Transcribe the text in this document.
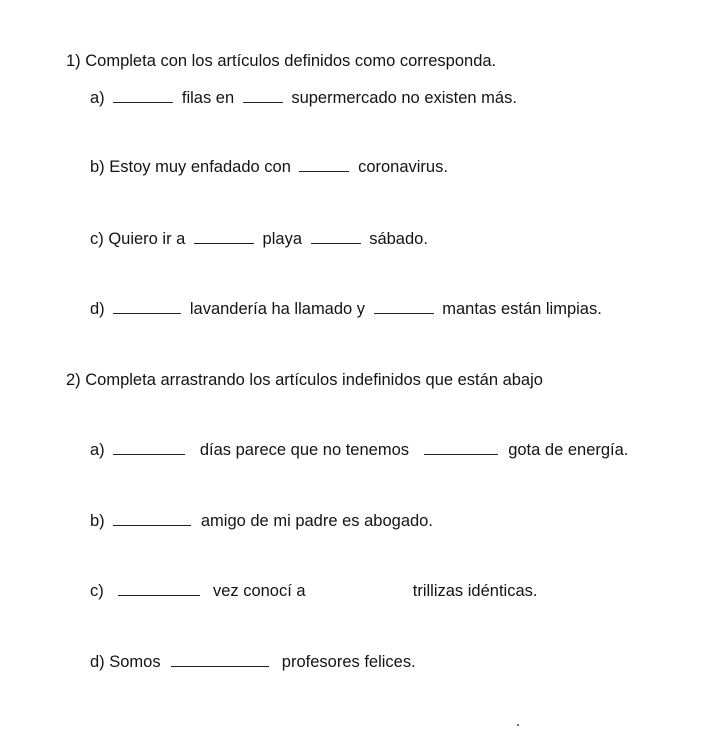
1) Completa con los artículos definidos como corresponda.
a)	filas en	supermercado no existen más.
b) Estoy muy enfadado con	coronavirus.
c) Quiero ir a	playa	sábado.
d)	lavandería ha llamado y	mantas están limpias.
2) Completa arrastrando los artículos indefinidos que están abajo
a)	días parece que no tenemos	gota de energía.
b)	amigo de mi padre es abogado.
c)	vez conocí a	trillizas idénticas.
d) Somos	profesores felices.
